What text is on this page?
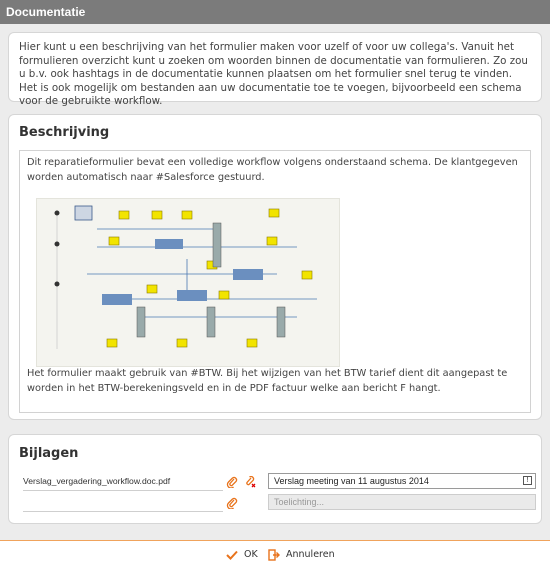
Documentatie
Hier kunt u een beschrijving van het formulier maken voor uzelf of voor uw collega's. Vanuit het formulieren overzicht kunt u zoeken om woorden binnen de documentatie van formulieren. Zo zou u b.v. ook hashtags in de documentatie kunnen plaatsen om het formulier snel terug te vinden. Het is ook mogelijk om bestanden aan uw documentatie toe te voegen, bijvoorbeeld een schema voor de gebruikte workflow.
Beschrijving
Dit reparatieformulier bevat een volledige workflow volgens onderstaand schema. De klantgegeven worden automatisch naar #Salesforce gestuurd.
Het formulier maakt gebruik van #BTW. Bij het wijzigen van het BTW tarief dient dit aangepast te worden in het BTW-berekeningsveld en in de PDF factuur welke aan bericht F hangt.
Bijlagen
Verslag_vergadering_workflow.doc.pdf	Verslag meeting van 11 augustus 2014	!
Toelichting...
OK	Annuleren
